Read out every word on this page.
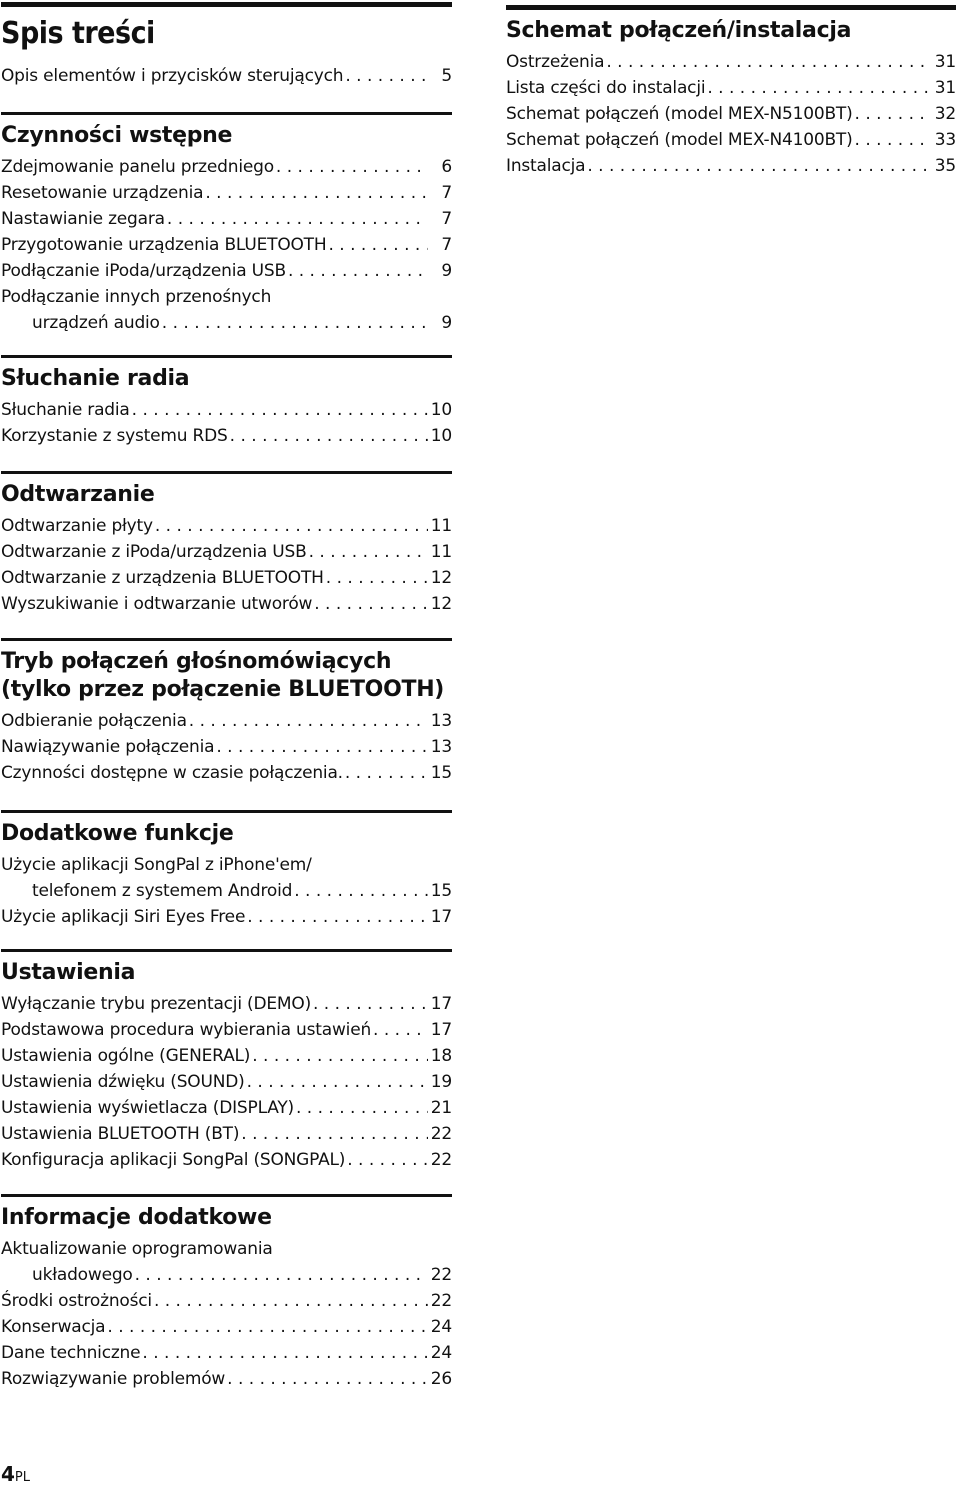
Spis treści
Opis elementów i przycisków sterujących . . .	5
Czynności wstępne
Zdejmowanie panelu przedniego . . .	6
Resetowanie urządzenia . . .	7
Nastawianie zegara . . .	7
Przygotowanie urządzenia BLUETOOTH . . .	7
Podłączanie iPoda/urządzenia USB . . .	9
Podłączanie innych przenośnych
urządzeń audio . . .	9
Słuchanie radia
Słuchanie radia . . .	10
Korzystanie z systemu RDS . . .	10
Odtwarzanie
Odtwarzanie płyty . . .	11
Odtwarzanie z iPoda/urządzenia USB . . .	11
Odtwarzanie z urządzenia BLUETOOTH . . .	12
Wyszukiwanie i odtwarzanie utworów . . .	12
Tryb połączeń głośnomówiących
(tylko przez połączenie BLUETOOTH)
Odbieranie połączenia . . .	13
Nawiązywanie połączenia . . .	13
Czynności dostępne w czasie połączenia. . . .	15
Dodatkowe funkcje
Użycie aplikacji SongPal z iPhone'em/
telefonem z systemem Android . . .	15
Użycie aplikacji Siri Eyes Free . . .	17
Ustawienia
Wyłączanie trybu prezentacji (DEMO) . . .	17
Podstawowa procedura wybierania ustawień . . .	17
Ustawienia ogólne (GENERAL) . . .	18
Ustawienia dźwięku (SOUND) . . .	19
Ustawienia wyświetlacza (DISPLAY) . . .	21
Ustawienia BLUETOOTH (BT) . . .	22
Konfiguracja aplikacji SongPal (SONGPAL) . . .	22
Informacje dodatkowe
Aktualizowanie oprogramowania
układowego . . .	22
Środki ostrożności . . .	22
Konserwacja . . .	24
Dane techniczne . . .	24
Rozwiązywanie problemów . . .	26
Schemat połączeń/instalacja
Ostrzeżenia . . .	31
Lista części do instalacji . . .	31
Schemat połączeń (model MEX-N5100BT) . . .	32
Schemat połączeń (model MEX-N4100BT) . . .	33
Instalacja . . .	35
4PL
